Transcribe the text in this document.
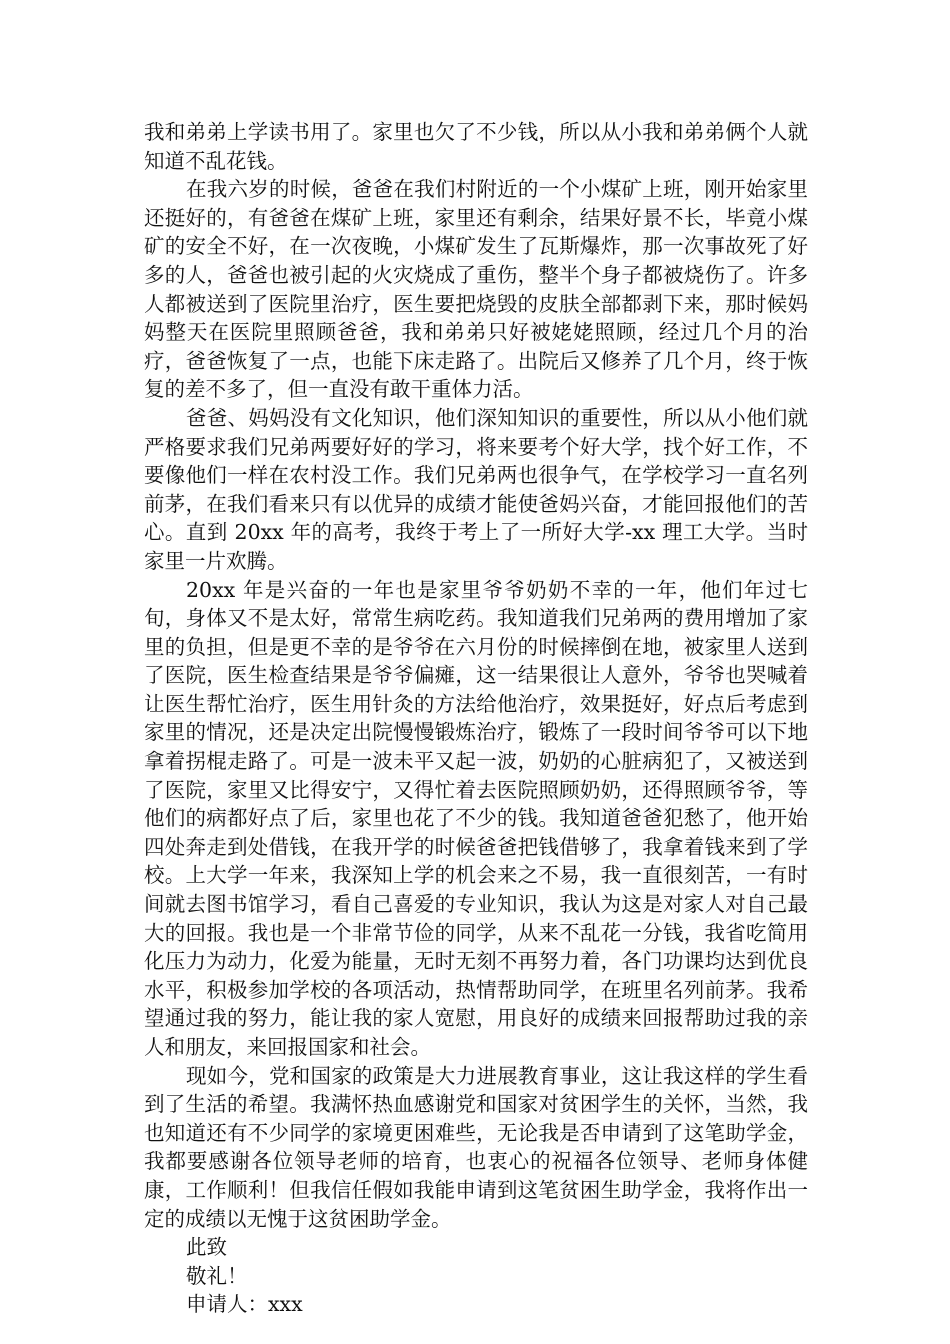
我和弟弟上学读书用了。家里也欠了不少钱，所以从小我和弟弟俩个人就知道不乱花钱。

在我六岁的时候，爸爸在我们村附近的一个小煤矿上班，刚开始家里还挺好的，有爸爸在煤矿上班，家里还有剩余，结果好景不长，毕竟小煤矿的安全不好，在一次夜晚，小煤矿发生了瓦斯爆炸，那一次事故死了好多的人，爸爸也被引起的火灾烧成了重伤，整半个身子都被烧伤了。许多人都被送到了医院里治疗，医生要把烧毁的皮肤全部都剥下来，那时候妈妈整天在医院里照顾爸爸，我和弟弟只好被姥姥照顾，经过几个月的治疗，爸爸恢复了一点，也能下床走路了。出院后又修养了几个月，终于恢复的差不多了，但一直没有敢干重体力活。

爸爸、妈妈没有文化知识，他们深知知识的重要性，所以从小他们就严格要求我们兄弟两要好好的学习，将来要考个好大学，找个好工作，不要像他们一样在农村没工作。我们兄弟两也很争气，在学校学习一直名列前茅，在我们看来只有以优异的成绩才能使爸妈兴奋，才能回报他们的苦心。直到 20xx 年的高考，我终于考上了一所好大学-xx 理工大学。当时家里一片欢腾。

20xx 年是兴奋的一年也是家里爷爷奶奶不幸的一年，他们年过七旬，身体又不是太好，常常生病吃药。我知道我们兄弟两的费用增加了家里的负担，但是更不幸的是爷爷在六月份的时候摔倒在地，被家里人送到了医院，医生检查结果是爷爷偏瘫，这一结果很让人意外，爷爷也哭喊着让医生帮忙治疗，医生用针灸的方法给他治疗，效果挺好，好点后考虑到家里的情况，还是决定出院慢慢锻炼治疗，锻炼了一段时间爷爷可以下地拿着拐棍走路了。可是一波未平又起一波，奶奶的心脏病犯了，又被送到了医院，家里又比得安宁，又得忙着去医院照顾奶奶，还得照顾爷爷，等他们的病都好点了后，家里也花了不少的钱。我知道爸爸犯愁了，他开始四处奔走到处借钱，在我开学的时候爸爸把钱借够了，我拿着钱来到了学校。上大学一年来，我深知上学的机会来之不易，我一直很刻苦，一有时间就去图书馆学习，看自己喜爱的专业知识，我认为这是对家人对自己最大的回报。我也是一个非常节俭的同学，从来不乱花一分钱，我省吃简用化压力为动力，化爱为能量，无时无刻不再努力着，各门功课均达到优良水平，积极参加学校的各项活动，热情帮助同学，在班里名列前茅。我希望通过我的努力，能让我的家人宽慰，用良好的成绩来回报帮助过我的亲人和朋友，来回报国家和社会。

现如今，党和国家的政策是大力进展教育事业，这让我这样的学生看到了生活的希望。我满怀热血感谢党和国家对贫困学生的关怀，当然，我也知道还有不少同学的家境更困难些，无论我是否申请到了这笔助学金，我都要感谢各位领导老师的培育，也衷心的祝福各位领导、老师身体健康，工作顺利！但我信任假如我能申请到这笔贫困生助学金，我将作出一定的成绩以无愧于这贫困助学金。

此致

敬礼！

申请人：xxx
